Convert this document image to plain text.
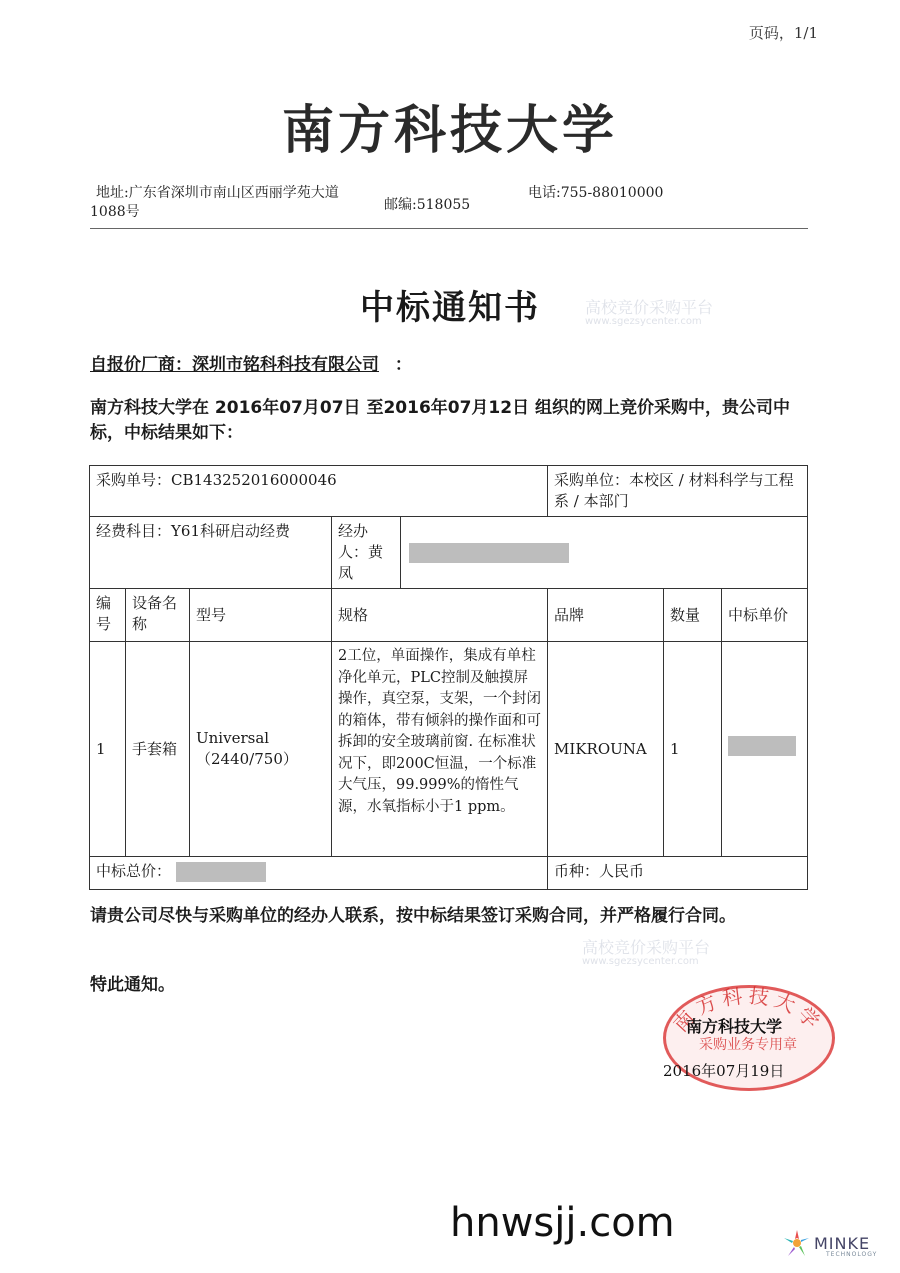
页码，1/1
高校竞价采购平台
www.sgezsycenter.com
高校竞价采购平台
www.sgezsycenter.com
南方科技大学
地址:广东省深圳市南山区西丽学苑大道
1088号	邮编:518055
电话:755-88010000
中标通知书
自报价厂商：深圳市铭科科技有限公司 ：
南方科技大学在 2016年07月07日 至2016年07月12日 组织的网上竞价采购中，贵公司中标，中标结果如下：
采购单号：CB143252016000046				采购单位：本校区 / 材料科学与工程系 / 本部门		
经费科目：Y61科研启动经费			经办人：黄凤			

编号	设备名称	型号	规格	品牌	数量	中标单价
1	手套箱	Universal （2440/750）	2工位，单面操作，集成有单柱净化单元，PLC控制及触摸屏操作，真空泵，支架，一个封闭的箱体，带有倾斜的操作面和可拆卸的安全玻璃前窗. 在标准状况下，即200C恒温，一个标准大气压，99.999%的惰性气源，水氧指标小于1 ppm。	MIKROUNA	1	
中标总价：				币种：人民币		
请贵公司尽快与采购单位的经办人联系，按中标结果签订采购合同，并严格履行合同。
特此通知。
南方科技大学
采购业务专用章
南方科技大学
2016年07月19日
hnwsjj.com	MINKE
TECHNOLOGY
